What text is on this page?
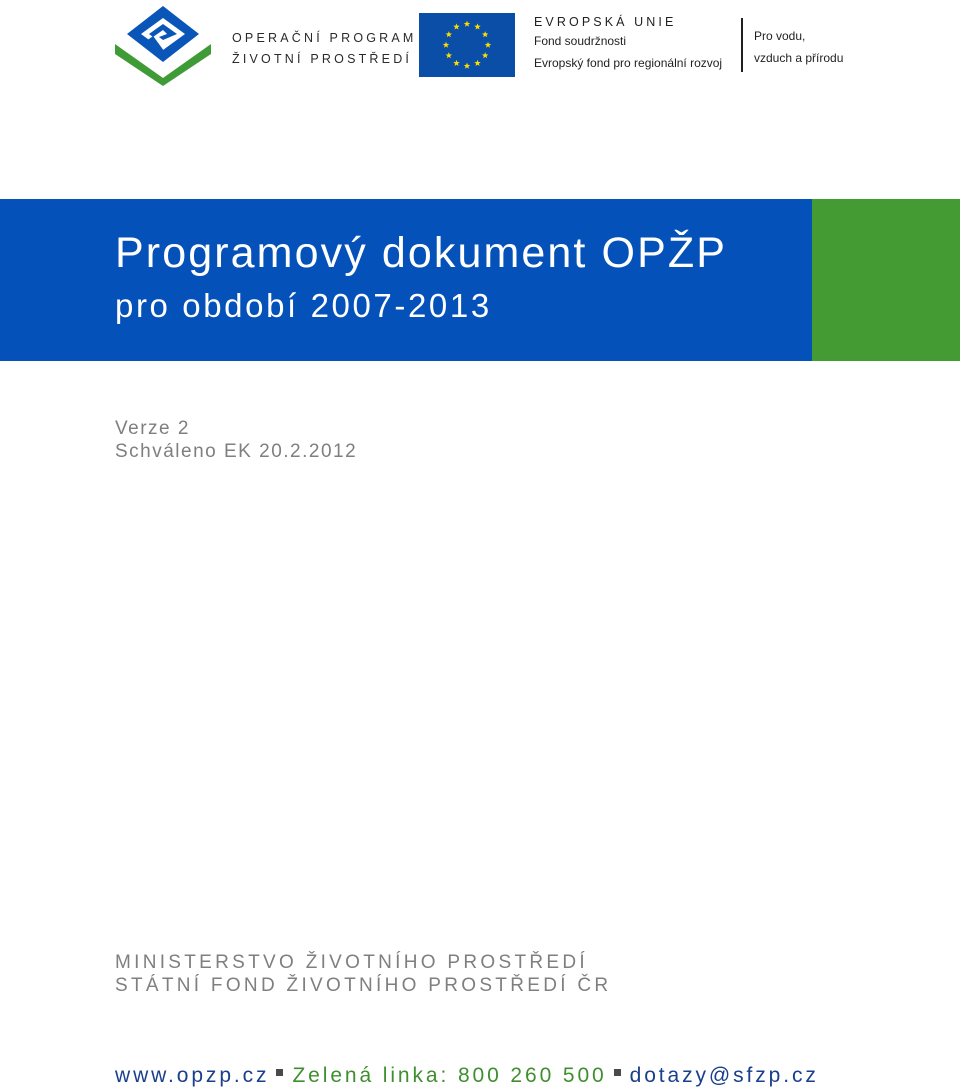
OPERAČNÍ PROGRAM
ŽIVOTNÍ PROSTŘEDÍ
EVROPSKÁ UNIE
Fond soudržnosti
Evropský fond pro regionální rozvoj
Pro vodu,
vzduch a přírodu
Programový dokument OPŽP
pro období 2007-2013
Verze 2
Schváleno EK 20.2.2012
MINISTERSTVO ŽIVOTNÍHO PROSTŘEDÍ
STÁTNÍ FOND ŽIVOTNÍHO PROSTŘEDÍ ČR
www.opzp.cz Zelená linka: 800 260 500 dotazy@sfzp.cz
